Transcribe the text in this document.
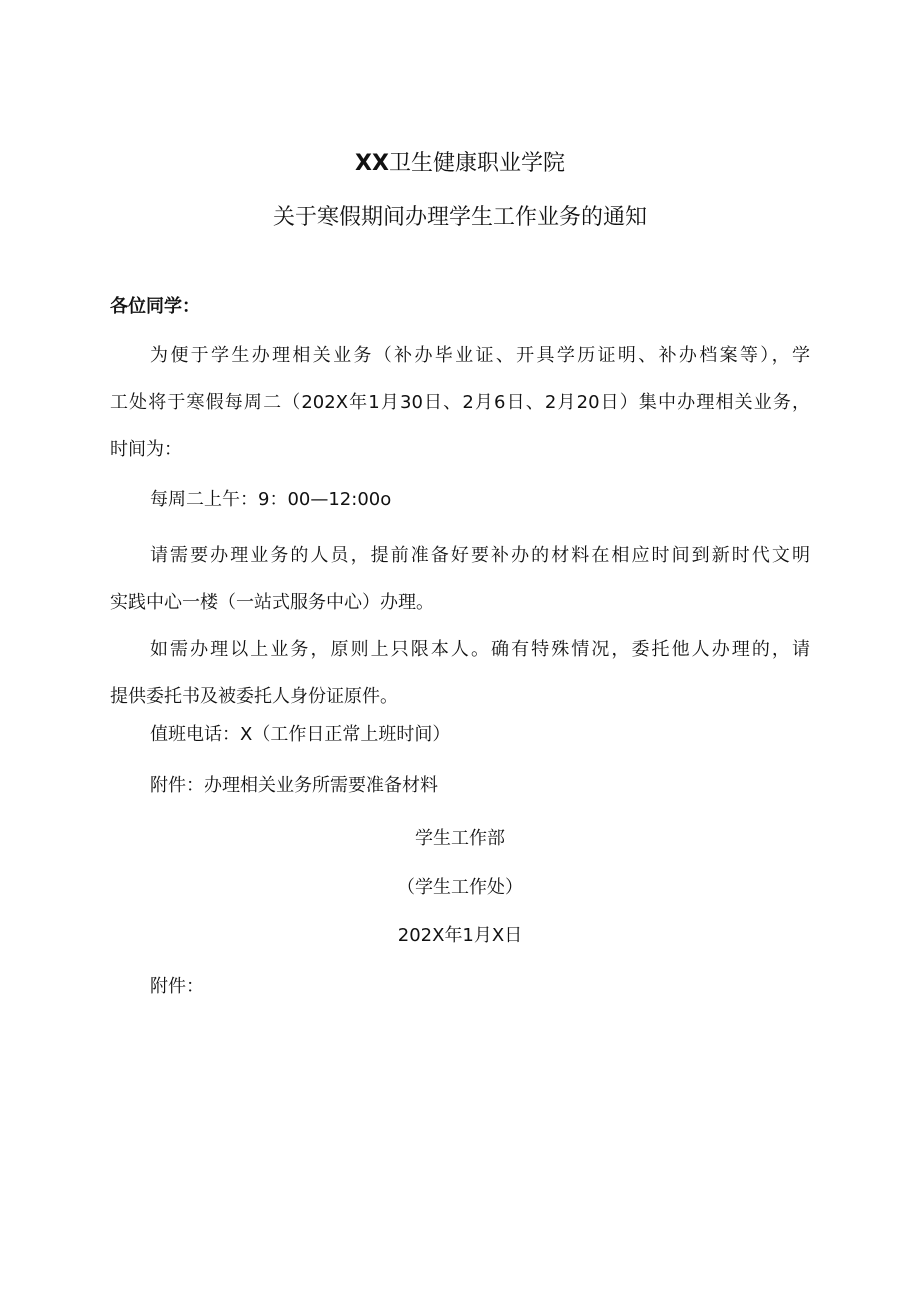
XX卫生健康职业学院
关于寒假期间办理学生工作业务的通知
各位同学：
为便于学生办理相关业务（补办毕业证、开具学历证明、补办档案等），学
工处将于寒假每周二（202X年1月30日、2月6日、2月20日）集中办理相关业务，
时间为：
每周二上午：9：00—12:00o
请需要办理业务的人员，提前准备好要补办的材料在相应时间到新时代文明
实践中心一楼（一站式服务中心）办理。
如需办理以上业务，原则上只限本人。确有特殊情况，委托他人办理的，请
提供委托书及被委托人身份证原件。
值班电话：X（工作日正常上班时间）
附件：办理相关业务所需要准备材料
学生工作部
（学生工作处）
202X年1月X日
附件：
